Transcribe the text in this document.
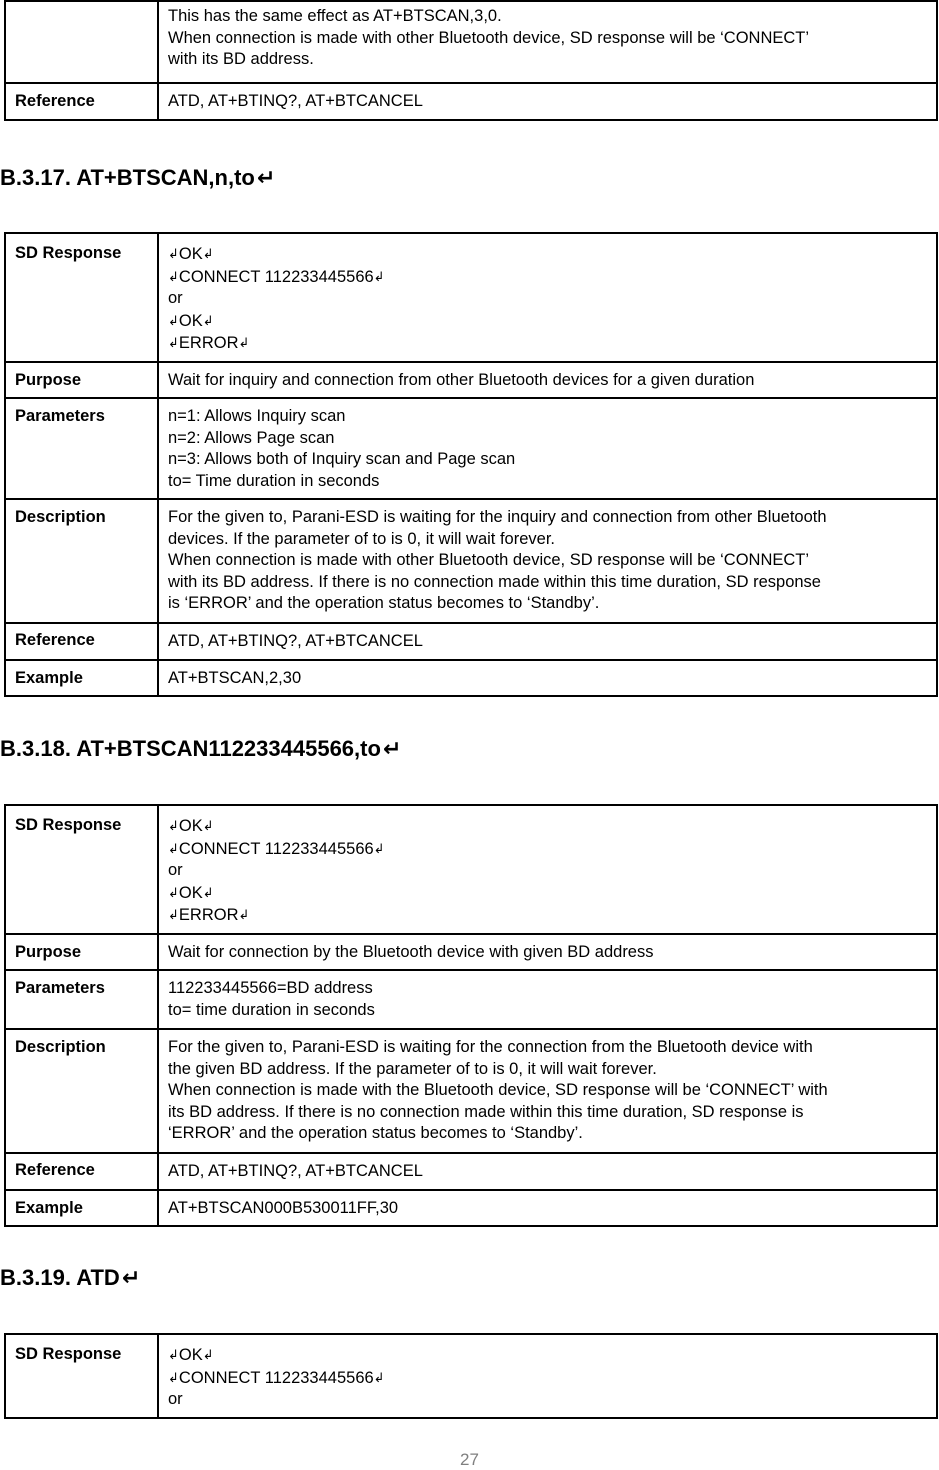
	This has the same effect as AT+BTSCAN,3,0.
When connection is made with other Bluetooth device, SD response will be ‘CONNECT’
with its BD address.

Reference	ATD, AT+BTINQ?, AT+BTCANCEL
B.3.17. AT+BTSCAN,n,to↵
SD Response	↲OK↲
↲CONNECT 112233445566↲
or
↲OK↲
↲ERROR↲

Purpose	Wait for inquiry and connection from other Bluetooth devices for a given duration

Parameters	n=1: Allows Inquiry scan
n=2: Allows Page scan
n=3: Allows both of Inquiry scan and Page scan
to= Time duration in seconds

Description	For the given to, Parani-ESD is waiting for the inquiry and connection from other Bluetooth
devices. If the parameter of to is 0, it will wait forever.
When connection is made with other Bluetooth device, SD response will be ‘CONNECT’
with its BD address. If there is no connection made within this time duration, SD response
is ‘ERROR’ and the operation status becomes to ‘Standby’.

Reference	ATD, AT+BTINQ?, AT+BTCANCEL

Example	AT+BTSCAN,2,30
B.3.18. AT+BTSCAN112233445566,to↵
SD Response	↲OK↲
↲CONNECT 112233445566↲
or
↲OK↲
↲ERROR↲

Purpose	Wait for connection by the Bluetooth device with given BD address

Parameters	112233445566=BD address
to= time duration in seconds

Description	For the given to, Parani-ESD is waiting for the connection from the Bluetooth device with
the given BD address. If the parameter of to is 0, it will wait forever.
When connection is made with the Bluetooth device, SD response will be ‘CONNECT’ with
its BD address. If there is no connection made within this time duration, SD response is
‘ERROR’ and the operation status becomes to ‘Standby’.

Reference	ATD, AT+BTINQ?, AT+BTCANCEL

Example	AT+BTSCAN000B530011FF,30
B.3.19. ATD↵
SD Response	↲OK↲
↲CONNECT 112233445566↲
or
27
